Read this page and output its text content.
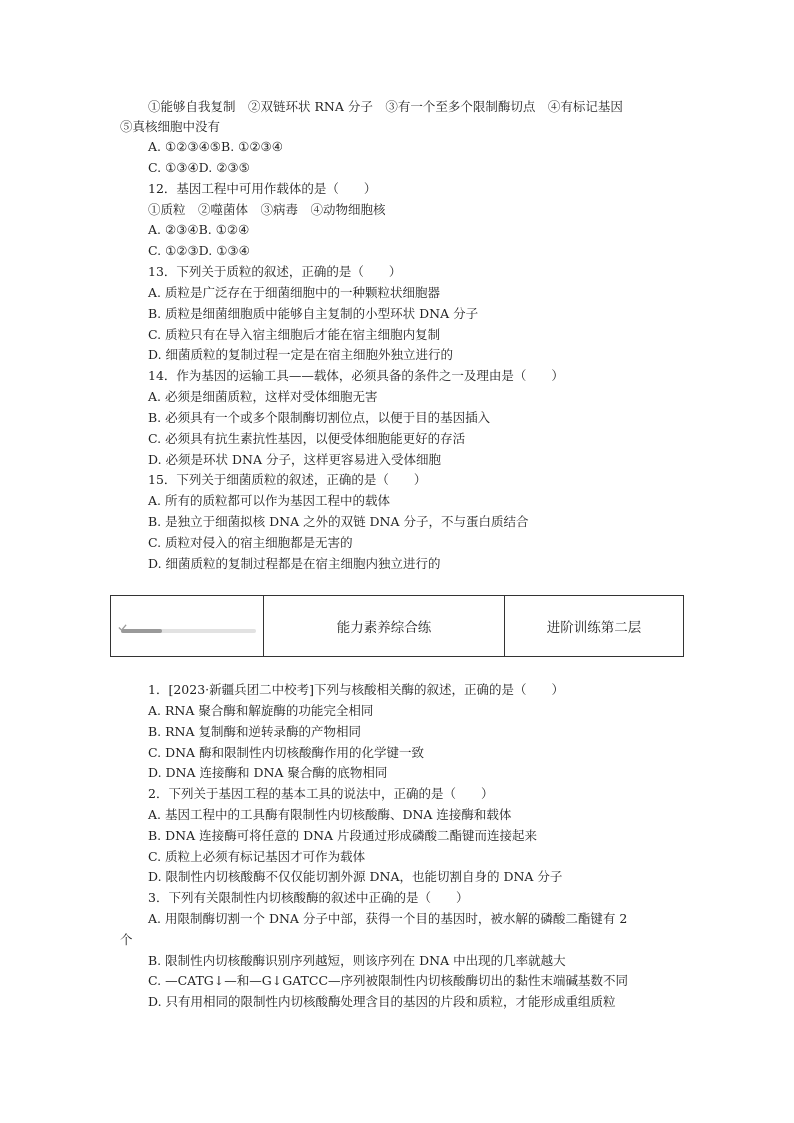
①能够自我复制　②双链环状 RNA 分子　③有一个至多个限制酶切点　④有标记基因
⑤真核细胞中没有
A. ①②③④⑤B. ①②③④
C. ①③④D. ②③⑤
12．基因工程中可用作载体的是（　　）
①质粒　②噬菌体　③病毒　④动物细胞核
A. ②③④B. ①②④
C. ①②③D. ①③④
13．下列关于质粒的叙述，正确的是（　　）
A. 质粒是广泛存在于细菌细胞中的一种颗粒状细胞器
B. 质粒是细菌细胞质中能够自主复制的小型环状 DNA 分子
C. 质粒只有在导入宿主细胞后才能在宿主细胞内复制
D. 细菌质粒的复制过程一定是在宿主细胞外独立进行的
14．作为基因的运输工具——载体，必须具备的条件之一及理由是（　　）
A. 必须是细菌质粒，这样对受体细胞无害
B. 必须具有一个或多个限制酶切割位点，以便于目的基因插入
C. 必须具有抗生素抗性基因，以便受体细胞能更好的存活
D. 必须是环状 DNA 分子，这样更容易进入受体细胞
15．下列关于细菌质粒的叙述，正确的是（　　）
A. 所有的质粒都可以作为基因工程中的载体
B. 是独立于细菌拟核 DNA 之外的双链 DNA 分子，不与蛋白质结合
C. 质粒对侵入的宿主细胞都是无害的
D. 细菌质粒的复制过程都是在宿主细胞内独立进行的
能力素养综合练	进阶训练第二层
1．[2023·新疆兵团二中校考]下列与核酸相关酶的叙述，正确的是（　　）
A. RNA 聚合酶和解旋酶的功能完全相同
B. RNA 复制酶和逆转录酶的产物相同
C. DNA 酶和限制性内切核酸酶作用的化学键一致
D. DNA 连接酶和 DNA 聚合酶的底物相同
2．下列关于基因工程的基本工具的说法中，正确的是（　　）
A. 基因工程中的工具酶有限制性内切核酸酶、DNA 连接酶和载体
B. DNA 连接酶可将任意的 DNA 片段通过形成磷酸二酯键而连接起来
C. 质粒上必须有标记基因才可作为载体
D. 限制性内切核酸酶不仅仅能切割外源 DNA，也能切割自身的 DNA 分子
3．下列有关限制性内切核酸酶的叙述中正确的是（　　）
A. 用限制酶切割一个 DNA 分子中部，获得一个目的基因时，被水解的磷酸二酯键有 2
个
B. 限制性内切核酸酶识别序列越短，则该序列在 DNA 中出现的几率就越大
C. —CATG↓—和—G↓GATCC—序列被限制性内切核酸酶切出的黏性末端碱基数不同
D. 只有用相同的限制性内切核酸酶处理含目的基因的片段和质粒，才能形成重组质粒
